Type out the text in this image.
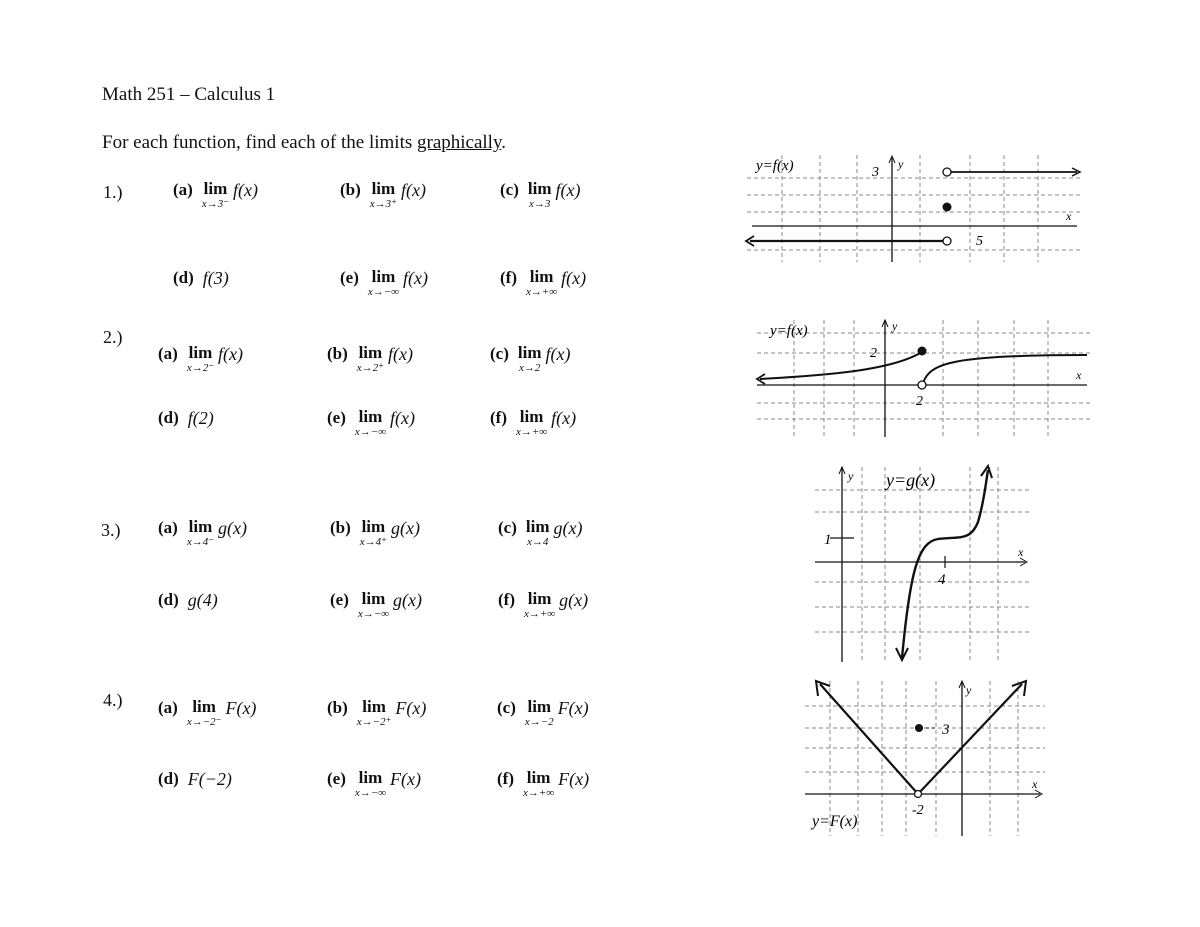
Math 251 – Calculus 1
For each function, find each of the limits graphically.
1.)
2.)
3.)
4.)
(a) lim
x→3⁻
f(x)	(b) lim
x→3⁺
f(x)	(c) lim
x→3
f(x)
(d) f(3)	(e) lim
x→−∞
f(x)	(f) lim
x→+∞
f(x)
(a) lim
x→2⁻
f(x)	(b) lim
x→2⁺
f(x)	(c) lim
x→2
f(x)
(d) f(2)	(e) lim
x→−∞
f(x)	(f) lim
x→+∞
f(x)
(a) lim
x→4⁻
g(x)	(b) lim
x→4⁺
g(x)	(c) lim
x→4
g(x)
(d) g(4)	(e) lim
x→−∞
g(x)	(f) lim
x→+∞
g(x)
(a) lim
x→−2⁻
F(x)	(b) lim
x→−2⁺
F(x)	(c) lim
x→−2
F(x)
(d) F(−2)	(e) lim
x→−∞
F(x)	(f) lim
x→+∞
F(x)
y=f(x)	3
5
y
x
y=f(x)
2
2
y
x
y=g(x)
1
4
y
x
3
-2
y=F(x)
y
x
